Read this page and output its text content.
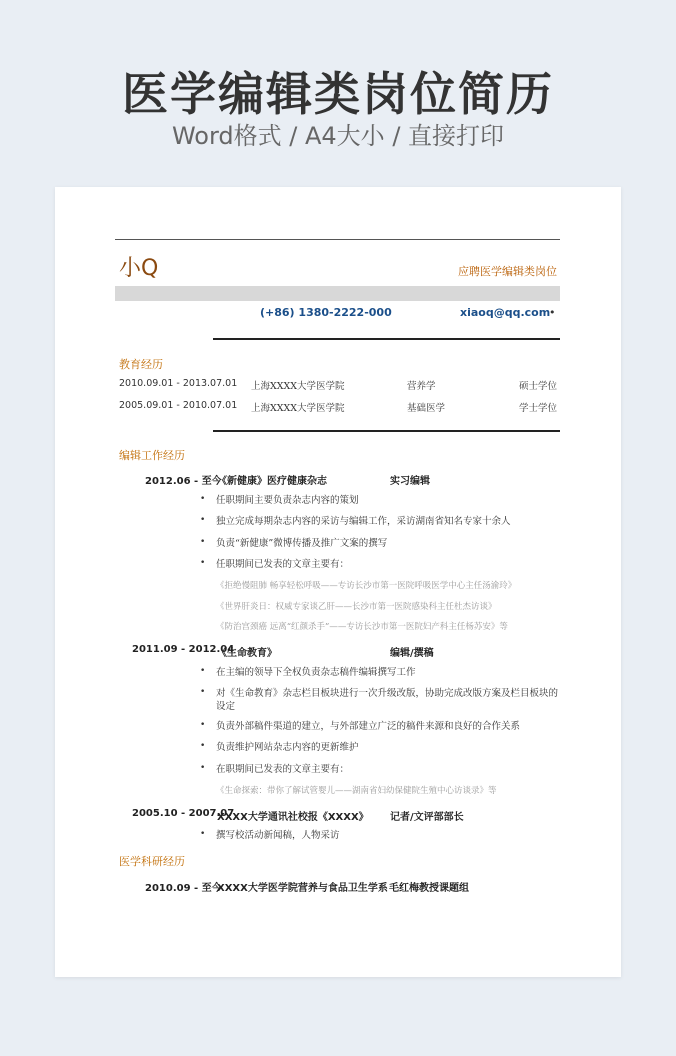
医学编辑类岗位简历
Word格式 / A4大小 / 直接打印
小Q	应聘医学编辑类岗位
(+86) 1380-2222-000	xiaoq@qq.com
•
教育经历
2010.09.01 - 2013.07.01 上海XXXX大学医学院	营养学	硕士学位
2005.09.01 - 2010.07.01 上海XXXX大学医学院	基础医学	学士学位
编辑工作经历
2012.06 - 至今
《新健康》医疗健康杂志	实习编辑
• 任职期间主要负责杂志内容的策划
• 独立完成每期杂志内容的采访与编辑工作，采访湖南省知名专家十余人
• 负责“新健康”微博传播及推广文案的撰写
• 任职期间已发表的文章主要有：
《拒绝慢阻肺 畅享轻松呼吸——专访长沙市第一医院呼吸医学中心主任汤渝玲》
《世界肝炎日：权威专家谈乙肝——长沙市第一医院感染科主任杜杰访谈》
《防治宫颈癌 远离“红颜杀手”——专访长沙市第一医院妇产科主任杨苏安》等
2011.09 - 2012.04
《生命教育》	编辑/撰稿
• 在主编的领导下全权负责杂志稿件编辑撰写工作
• 对《生命教育》杂志栏目板块进行一次升级改版，协助完成改版方案及栏目板块的设定
• 负责外部稿件渠道的建立，与外部建立广泛的稿件来源和良好的合作关系
• 负责维护网站杂志内容的更新维护
• 在职期间已发表的文章主要有：
《生命探索：带你了解试管婴儿——湖南省妇幼保健院生殖中心访谈录》等
2005.10 - 2007.07
XXXX大学通讯社校报《XXXX》 记者/文评部部长
• 撰写校活动新闻稿，人物采访
医学科研经历
2010.09 - 至今
XXXX大学医学院营养与食品卫生学系 毛红梅教授课题组
